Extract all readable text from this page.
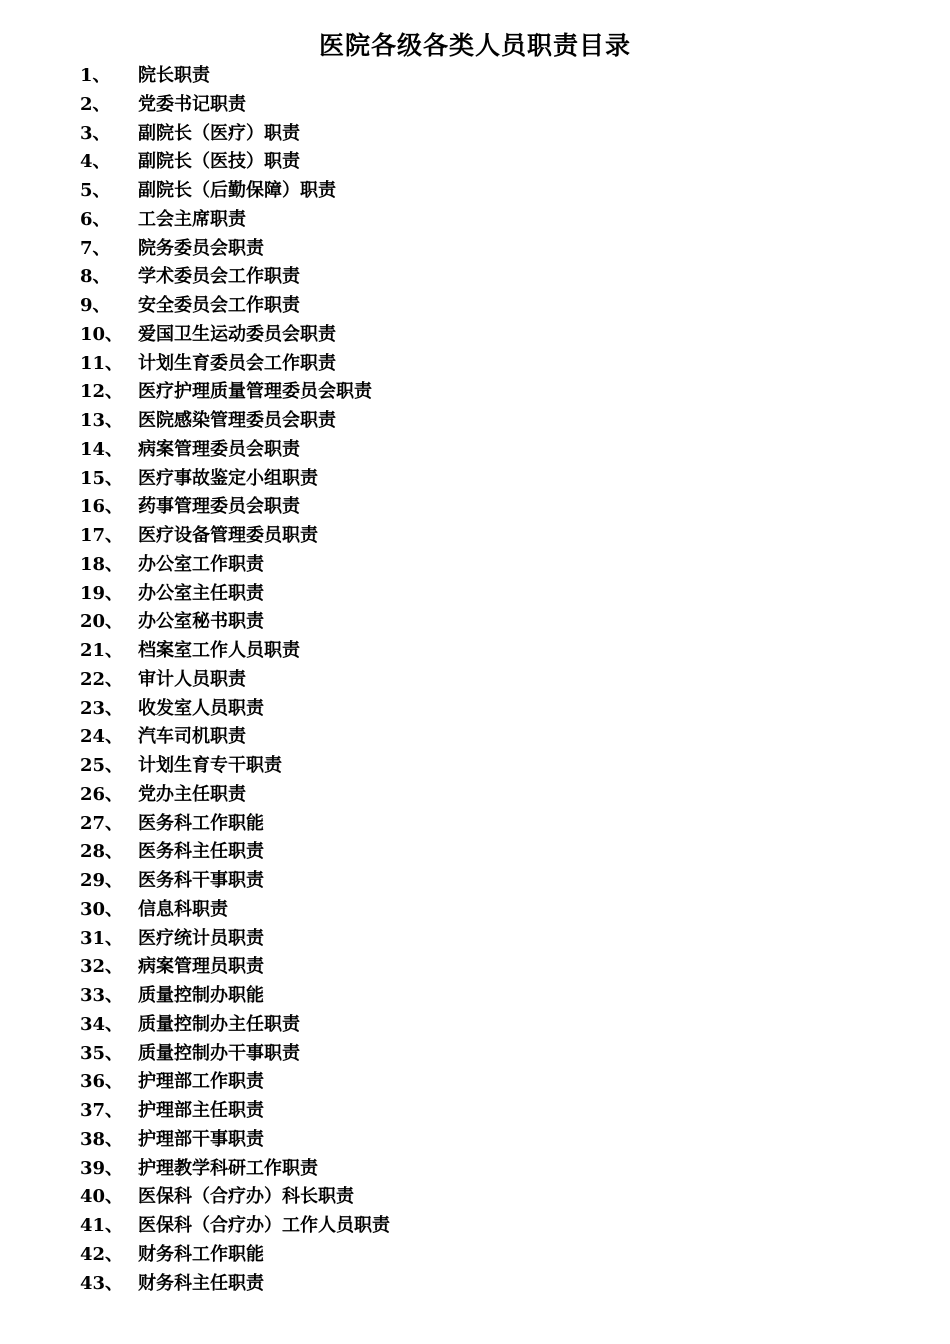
医院各级各类人员职责目录
1、	院长职责
2、	党委书记职责
3、	副院长（医疗）职责
4、	副院长（医技）职责
5、	副院长（后勤保障）职责
6、	工会主席职责
7、	院务委员会职责
8、	学术委员会工作职责
9、	安全委员会工作职责
10、 爱国卫生运动委员会职责
11、 计划生育委员会工作职责
12、 医疗护理质量管理委员会职责
13、 医院感染管理委员会职责
14、 病案管理委员会职责
15、 医疗事故鉴定小组职责
16、 药事管理委员会职责
17、 医疗设备管理委员职责
18、 办公室工作职责
19、 办公室主任职责
20、 办公室秘书职责
21、 档案室工作人员职责
22、 审计人员职责
23、 收发室人员职责
24、 汽车司机职责
25、 计划生育专干职责
26、 党办主任职责
27、 医务科工作职能
28、 医务科主任职责
29、 医务科干事职责
30、 信息科职责
31、 医疗统计员职责
32、 病案管理员职责
33、 质量控制办职能
34、 质量控制办主任职责
35、 质量控制办干事职责
36、 护理部工作职责
37、 护理部主任职责
38、 护理部干事职责
39、 护理教学科研工作职责
40、 医保科（合疗办）科长职责
41、 医保科（合疗办）工作人员职责
42、 财务科工作职能
43、 财务科主任职责
